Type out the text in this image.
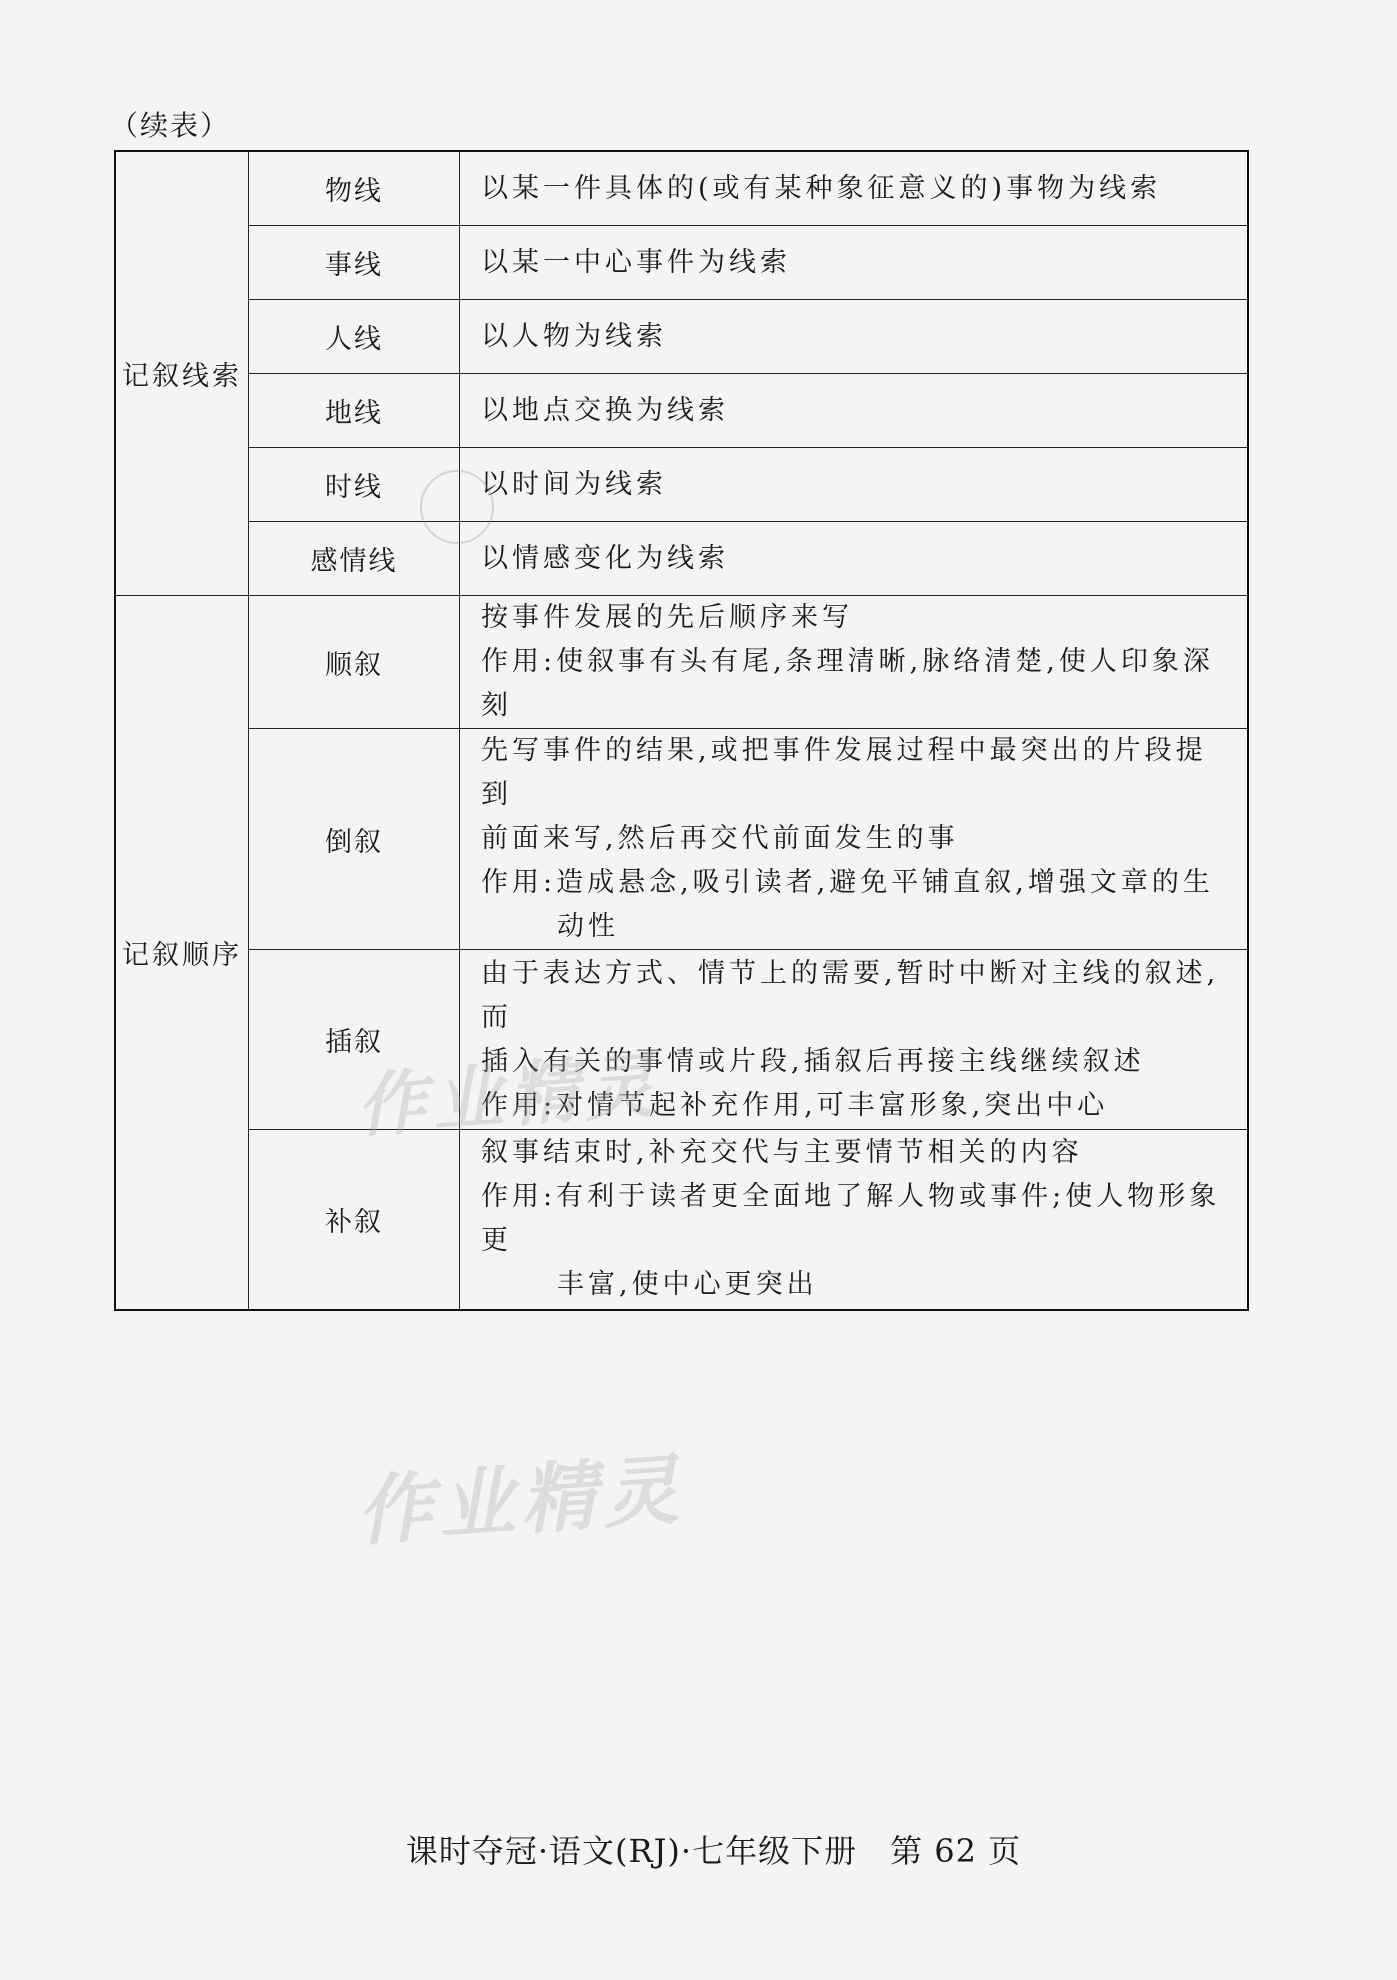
（续表）
记叙线索	物线	以某一件具体的(或有某种象征意义的)事物为线索

	事线	以某一中心事件为线索

	人线	以人物为线索

	地线	以地点交换为线索

	时线	以时间为线索

	感情线	以情感变化为线索

记叙顺序	顺叙	按事件发展的先后顺序来写
作用:使叙事有头有尾,条理清晰,脉络清楚,使人印象深刻

	倒叙	先写事件的结果,或把事件发展过程中最突出的片段提到
前面来写,然后再交代前面发生的事
作用:造成悬念,吸引读者,避免平铺直叙,增强文章的生
动性

	插叙	由于表达方式、情节上的需要,暂时中断对主线的叙述,而
插入有关的事情或片段,插叙后再接主线继续叙述
作用:对情节起补充作用,可丰富形象,突出中心

	补叙	叙事结束时,补充交代与主要情节相关的内容
作用:有利于读者更全面地了解人物或事件;使人物形象更
丰富,使中心更突出
作业精灵
作业精灵
课时夺冠·语文(RJ)·七年级下册　第 62 页
